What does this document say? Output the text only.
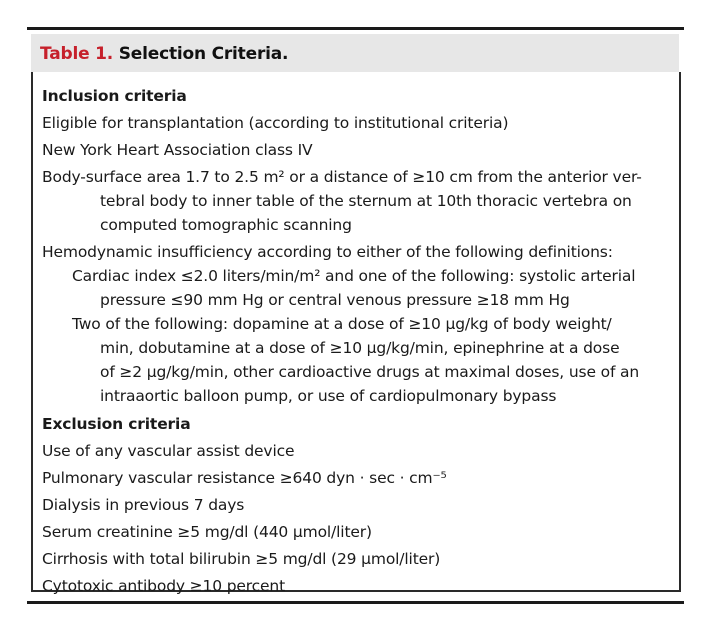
Table 1. Selection Criteria.
Inclusion criteria
Eligible for transplantation (according to institutional criteria)
New York Heart Association class IV
Body-surface area 1.7 to 2.5 m² or a distance of ≥10 cm from the anterior ver-
tebral body to inner table of the sternum at 10th thoracic vertebra on
computed tomographic scanning
Hemodynamic insufficiency according to either of the following definitions:
Cardiac index ≤2.0 liters/min/m² and one of the following: systolic arterial
pressure ≤90 mm Hg or central venous pressure ≥18 mm Hg
Two of the following: dopamine at a dose of ≥10 μg/kg of body weight/
min, dobutamine at a dose of ≥10 μg/kg/min, epinephrine at a dose
of ≥2 μg/kg/min, other cardioactive drugs at maximal doses, use of an
intraaortic balloon pump, or use of cardiopulmonary bypass
Exclusion criteria
Use of any vascular assist device
Pulmonary vascular resistance ≥640 dyn · sec · cm⁻⁵
Dialysis in previous 7 days
Serum creatinine ≥5 mg/dl (440 μmol/liter)
Cirrhosis with total bilirubin ≥5 mg/dl (29 μmol/liter)
Cytotoxic antibody ≥10 percent
